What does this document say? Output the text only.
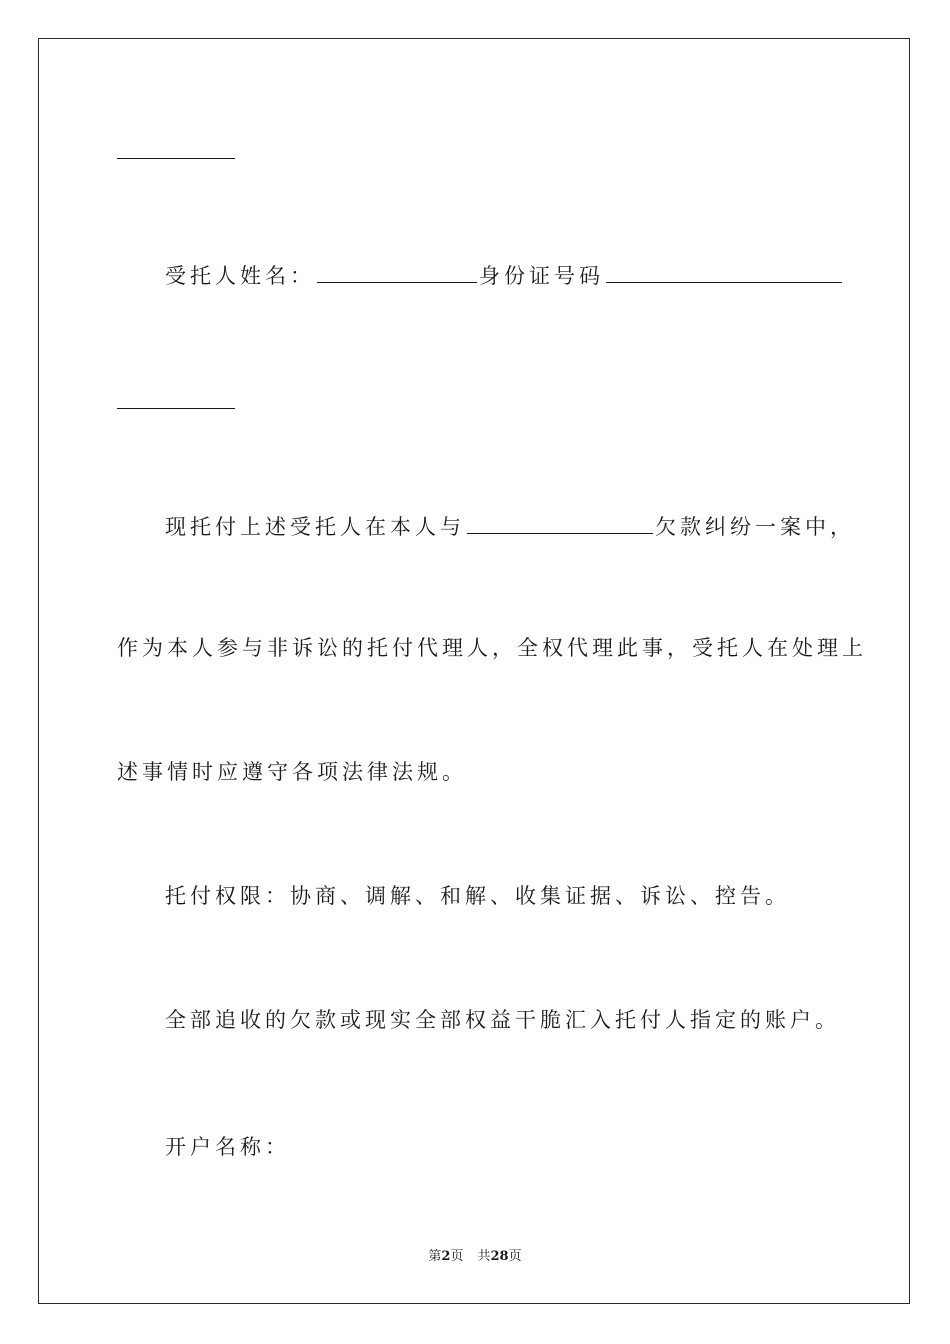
受托人姓名：	身份证号码
现托付上述受托人在本人与	欠款纠纷一案中，
作为本人参与非诉讼的托付代理人，全权代理此事，受托人在处理上
述事情时应遵守各项法律法规。
托付权限：协商、调解、和解、收集证据、诉讼、控告。
全部追收的欠款或现实全部权益干脆汇入托付人指定的账户。
开户名称：
第2页 共28页
